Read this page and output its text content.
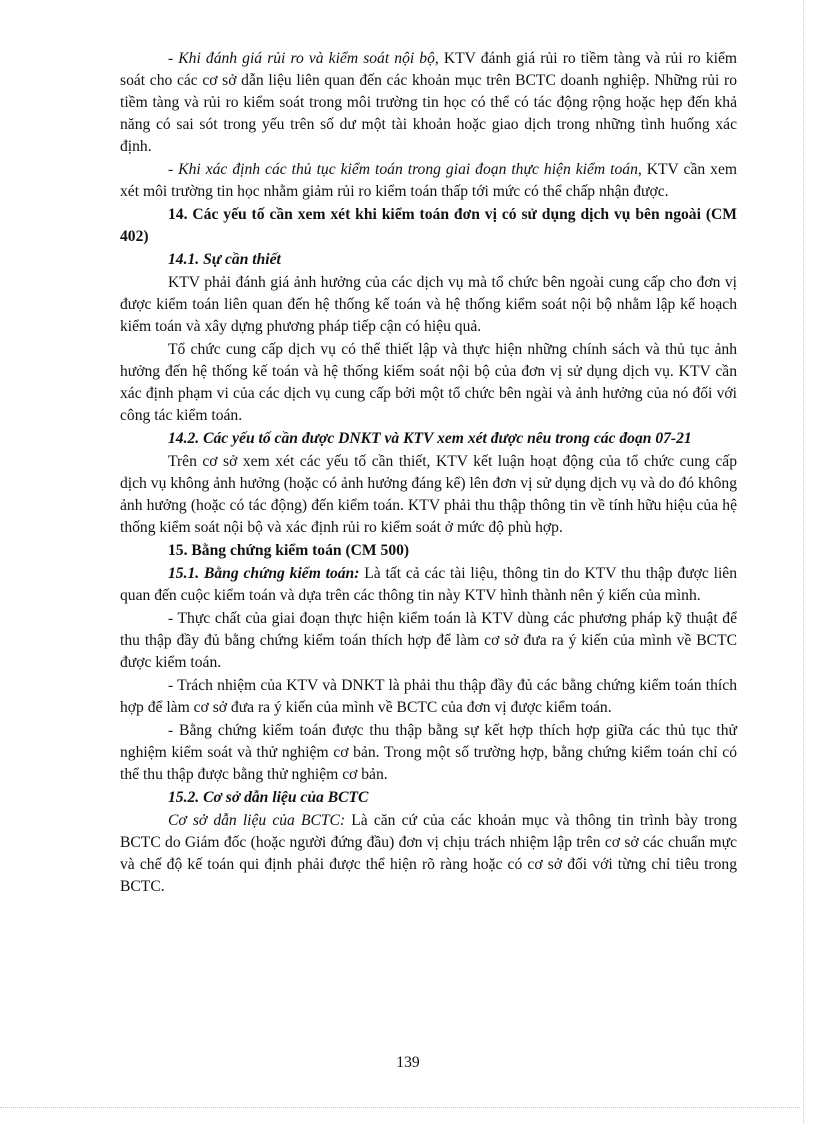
- Khi đánh giá rủi ro và kiểm soát nội bộ, KTV đánh giá rủi ro tiềm tàng và rủi ro kiểm soát cho các cơ sở dẫn liệu liên quan đến các khoản mục trên BCTC doanh nghiệp. Những rủi ro tiềm tàng và rủi ro kiểm soát trong môi trường tin học có thể có tác động rộng hoặc hẹp đến khả năng có sai sót trong yếu trên số dư một tài khoản hoặc giao dịch trong những tình huống xác định.

- Khi xác định các thủ tục kiểm toán trong giai đoạn thực hiện kiểm toán, KTV cần xem xét môi trường tin học nhằm giảm rủi ro kiểm toán thấp tới mức có thể chấp nhận được.

14. Các yếu tố cần xem xét khi kiểm toán đơn vị có sử dụng dịch vụ bên ngoài (CM 402)

14.1. Sự cần thiết

KTV phải đánh giá ảnh hưởng của các dịch vụ mà tổ chức bên ngoài cung cấp cho đơn vị được kiểm toán liên quan đến hệ thống kế toán và hệ thống kiểm soát nội bộ nhằm lập kế hoạch kiểm toán và xây dựng phương pháp tiếp cận có hiệu quả.

Tổ chức cung cấp dịch vụ có thể thiết lập và thực hiện những chính sách và thủ tục ảnh hưởng đến hệ thống kế toán và hệ thống kiểm soát nội bộ của đơn vị sử dụng dịch vụ. KTV cần xác định phạm vi của các dịch vụ cung cấp bởi một tổ chức bên ngài và ảnh hưởng của nó đối với công tác kiểm toán.

14.2. Các yếu tố cần được DNKT và KTV xem xét được nêu trong các đoạn 07-21

Trên cơ sở xem xét các yếu tố cần thiết, KTV kết luận hoạt động của tổ chức cung cấp dịch vụ không ảnh hưởng (hoặc có ảnh hưởng đáng kể) lên đơn vị sử dụng dịch vụ và do đó không ảnh hưởng (hoặc có tác động) đến kiểm toán. KTV phải thu thập thông tin về tính hữu hiệu của hệ thống kiểm soát nội bộ và xác định rủi ro kiểm soát ở mức độ phù hợp.

15. Bằng chứng kiểm toán (CM 500)

15.1. Bằng chứng kiểm toán: Là tất cả các tài liệu, thông tin do KTV thu thập được liên quan đến cuộc kiểm toán và dựa trên các thông tin này KTV hình thành nên ý kiến của mình.

- Thực chất của giai đoạn thực hiện kiểm toán là KTV dùng các phương pháp kỹ thuật để thu thập đầy đủ bằng chứng kiểm toán thích hợp để làm cơ sở đưa ra ý kiến của mình về BCTC được kiểm toán.

- Trách nhiệm của KTV và DNKT là phải thu thập đầy đủ các bằng chứng kiểm toán thích hợp để làm cơ sở đưa ra ý kiến của mình về BCTC của đơn vị được kiểm toán.

- Bằng chứng kiểm toán được thu thập bằng sự kết hợp thích hợp giữa các thủ tục thử nghiệm kiểm soát và thử nghiệm cơ bản. Trong một số trường hợp, bằng chứng kiểm toán chỉ có thể thu thập được bằng thử nghiệm cơ bản.

15.2. Cơ sở dẫn liệu của BCTC

Cơ sở dẫn liệu của BCTC: Là căn cứ của các khoản mục và thông tin trình bày trong BCTC do Giám đốc (hoặc người đứng đầu) đơn vị chịu trách nhiệm lập trên cơ sở các chuẩn mực và chế độ kế toán qui định phải được thể hiện rõ ràng hoặc có cơ sở đối với từng chỉ tiêu trong BCTC.

139
